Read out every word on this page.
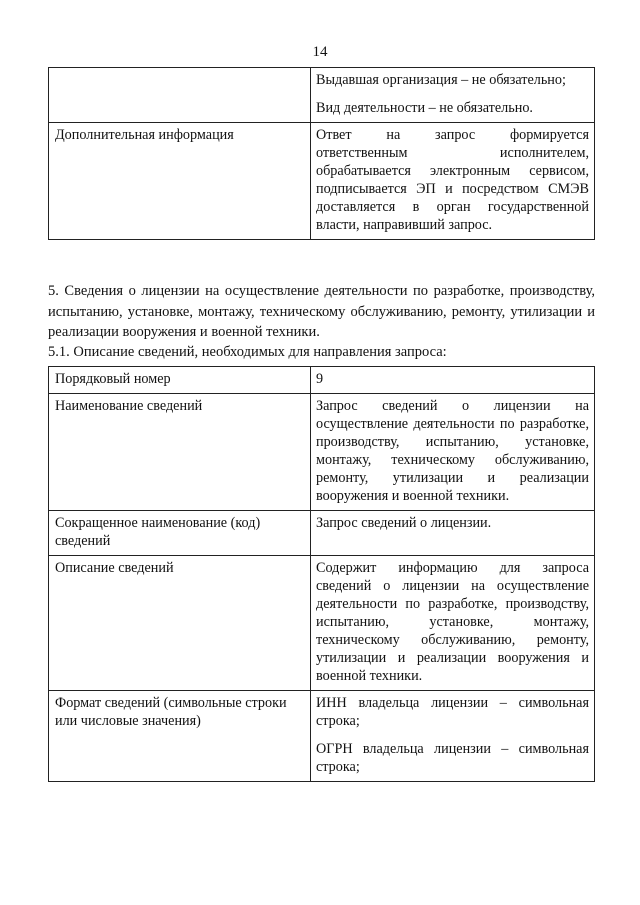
14

	Выдавшая организация – не обязательно;

Вид деятельности – не обязательно.

Дополнительная информация	Ответ на запрос формируется ответственным исполнителем, обрабатывается электронным сервисом, подписывается ЭП и посредством СМЭВ доставляется в орган государственной власти, направивший запрос.
5. Сведения о лицензии на осуществление деятельности по разработке, производству, испытанию, установке, монтажу, техническому обслуживанию, ремонту, утилизации и реализации вооружения и военной техники.
5.1. Описание сведений, необходимых для направления запроса:
Порядковый номер	9
Наименование сведений	Запрос сведений о лицензии на осуществление деятельности по разработке, производству, испытанию, установке, монтажу, техническому обслуживанию, ремонту, утилизации и реализации вооружения и военной техники.
Сокращенное наименование (код) сведений	Запрос сведений о лицензии.
Описание сведений	Содержит информацию для запроса сведений о лицензии на осуществление деятельности по разработке, производству, испытанию, установке, монтажу, техническому обслуживанию, ремонту, утилизации и реализации вооружения и военной техники.
Формат сведений (символьные строки или числовые значения)	ИНН владельца лицензии – символьная строка;

ОГРН владельца лицензии – символьная строка;
